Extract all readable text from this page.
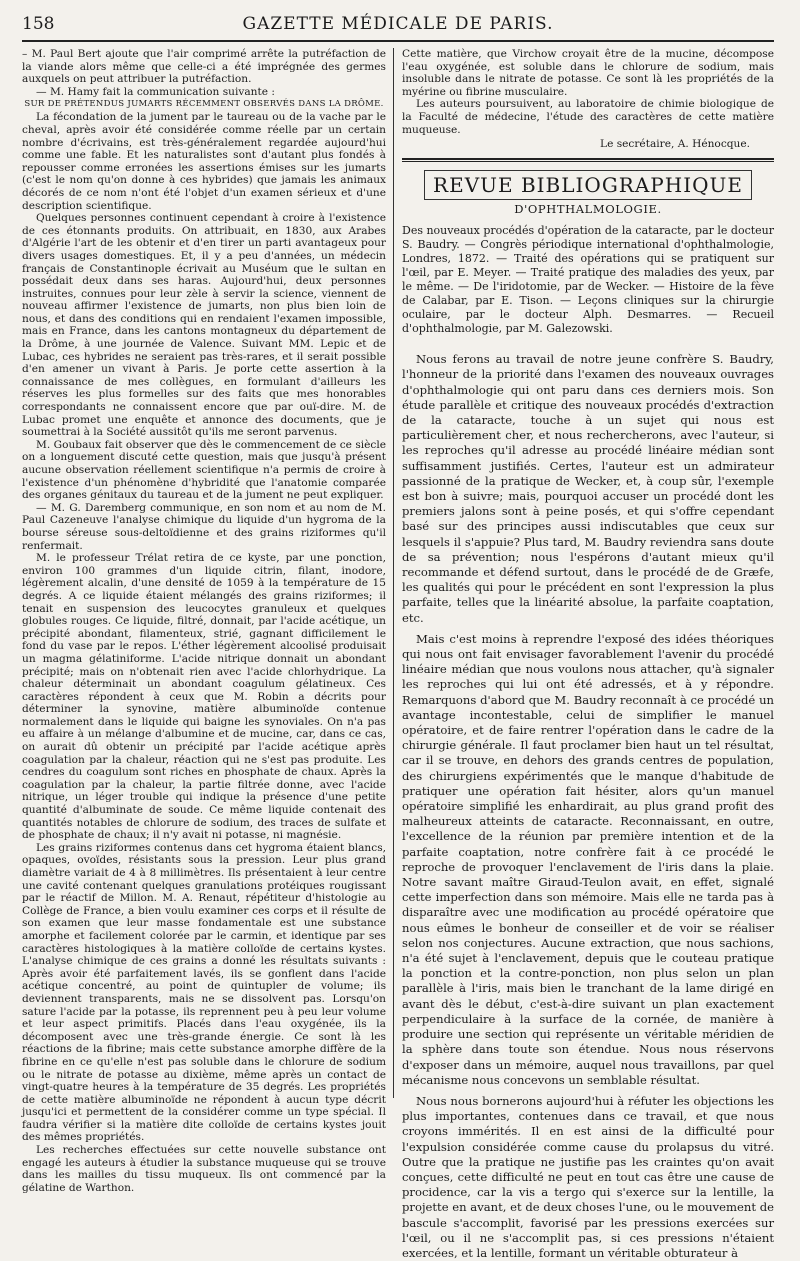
158	GAZETTE MÉDICALE DE PARIS.

– M. Paul Bert ajoute que l'air comprimé arrête la putréfaction de la viande alors même que celle-ci a été imprégnée des germes auxquels on peut attribuer la putréfaction.

— M. Hamy fait la communication suivante :

SUR DE PRÉTENDUS JUMARTS RÉCEMMENT OBSERVÉS DANS LA DRÔME.

La fécondation de la jument par le taureau ou de la vache par le cheval, après avoir été considérée comme réelle par un certain nombre d'écrivains, est très-généralement regardée aujourd'hui comme une fable. Et les naturalistes sont d'autant plus fondés à repousser comme erronées les assertions émises sur les jumarts (c'est le nom qu'on donne à ces hybrides) que jamais les animaux décorés de ce nom n'ont été l'objet d'un examen sérieux et d'une description scientifique.

Quelques personnes continuent cependant à croire à l'existence de ces étonnants produits. On attribuait, en 1830, aux Arabes d'Algérie l'art de les obtenir et d'en tirer un parti avantageux pour divers usages domestiques. Et, il y a peu d'années, un médecin français de Constantinople écrivait au Muséum que le sultan en possédait deux dans ses haras. Aujourd'hui, deux personnes instruites, connues pour leur zèle à servir la science, viennent de nouveau affirmer l'existence de jumarts, non plus bien loin de nous, et dans des conditions qui en rendaient l'examen impossible, mais en France, dans les cantons montagneux du département de la Drôme, à une journée de Valence. Suivant MM. Lepic et de Lubac, ces hybrides ne seraient pas très-rares, et il serait possible d'en amener un vivant à Paris. Je porte cette assertion à la connaissance de mes collègues, en formulant d'ailleurs les réserves les plus formelles sur des faits que mes honorables correspondants ne connaissent encore que par ouï-dire. M. de Lubac promet une enquête et annonce des documents, que je soumettrai à la Société aussitôt qu'ils me seront parvenus.

M. Goubaux fait observer que dès le commencement de ce siècle on a longuement discuté cette question, mais que jusqu'à présent aucune observation réellement scientifique n'a permis de croire à l'existence d'un phénomène d'hybridité que l'anatomie comparée des organes génitaux du taureau et de la jument ne peut expliquer.

— M. G. Daremberg communique, en son nom et au nom de M. Paul Cazeneuve l'analyse chimique du liquide d'un hygroma de la bourse séreuse sous-deltoïdienne et des grains riziformes qu'il renfermait.

M. le professeur Trélat retira de ce kyste, par une ponction, environ 100 grammes d'un liquide citrin, filant, inodore, légèrement alcalin, d'une densité de 1059 à la température de 15 degrés. A ce liquide étaient mélangés des grains riziformes; il tenait en suspension des leucocytes granuleux et quelques globules rouges. Ce liquide, filtré, donnait, par l'acide acétique, un précipité abondant, filamenteux, strié, gagnant difficilement le fond du vase par le repos. L'éther légèrement alcoolisé produisait un magma gélatiniforme. L'acide nitrique donnait un abondant précipité; mais on n'obtenait rien avec l'acide chlorhydrique. La chaleur déterminait un abondant coagulum gélatineux. Ces caractères répondent à ceux que M. Robin a décrits pour déterminer la synovine, matière albuminoïde contenue normalement dans le liquide qui baigne les synoviales. On n'a pas eu affaire à un mélange d'albumine et de mucine, car, dans ce cas, on aurait dû obtenir un précipité par l'acide acétique après coagulation par la chaleur, réaction qui ne s'est pas produite. Les cendres du coagulum sont riches en phosphate de chaux. Après la coagulation par la chaleur, la partie filtrée donne, avec l'acide nitrique, un léger trouble qui indique la présence d'une petite quantité d'albuminate de soude. Ce même liquide contenait des quantités notables de chlorure de sodium, des traces de sulfate et de phosphate de chaux; il n'y avait ni potasse, ni magnésie.

Les grains riziformes contenus dans cet hygroma étaient blancs, opaques, ovoïdes, résistants sous la pression. Leur plus grand diamètre variait de 4 à 8 millimètres. Ils présentaient à leur centre une cavité contenant quelques granulations protéiques rougissant par le réactif de Millon. M. A. Renaut, répétiteur d'histologie au Collège de France, a bien voulu examiner ces corps et il résulte de son examen que leur masse fondamentale est une substance amorphe et facilement colorée par le carmin, et identique par ses caractères histologiques à la matière colloïde de certains kystes. L'analyse chimique de ces grains a donné les résultats suivants : Après avoir été parfaitement lavés, ils se gonflent dans l'acide acétique concentré, au point de quintupler de volume; ils deviennent transparents, mais ne se dissolvent pas. Lorsqu'on sature l'acide par la potasse, ils reprennent peu à peu leur volume et leur aspect primitifs. Placés dans l'eau oxygénée, ils la décomposent avec une très-grande énergie. Ce sont là les réactions de la fibrine; mais cette substance amorphe diffère de la fibrine en ce qu'elle n'est pas soluble dans le chlorure de sodium ou le nitrate de potasse au dixième, même après un contact de vingt-quatre heures à la température de 35 degrés. Les propriétés de cette matière albuminoïde ne répondent à aucun type décrit jusqu'ici et permettent de la considérer comme un type spécial. Il faudra vérifier si la matière dite colloïde de certains kystes jouit des mêmes propriétés.

Les recherches effectuées sur cette nouvelle substance ont engagé les auteurs à étudier la substance muqueuse qui se trouve dans les mailles du tissu muqueux. Ils ont commencé par la gélatine de Warthon.

Cette matière, que Virchow croyait être de la mucine, décompose l'eau oxygénée, est soluble dans le chlorure de sodium, mais insoluble dans le nitrate de potasse. Ce sont là les propriétés de la myérine ou fibrine musculaire.

Les auteurs poursuivent, au laboratoire de chimie biologique de la Faculté de médecine, l'étude des caractères de cette matière muqueuse.

Le secrétaire, A. Hénocque.
REVUE BIBLIOGRAPHIQUE
D'OPHTHALMOLOGIE.
Des nouveaux procédés d'opération de la cataracte, par le docteur S. Baudry. — Congrès périodique international d'ophthalmologie, Londres, 1872. — Traité des opérations qui se pratiquent sur l'œil, par E. Meyer. — Traité pratique des maladies des yeux, par le même. — De l'iridotomie, par de Wecker. — Histoire de la fève de Calabar, par E. Tison. — Leçons cliniques sur la chirurgie oculaire, par le docteur Alph. Desmarres. — Recueil d'ophthalmologie, par M. Galezowski.

Nous ferons au travail de notre jeune confrère S. Baudry, l'honneur de la priorité dans l'examen des nouveaux ouvrages d'ophthalmologie qui ont paru dans ces derniers mois. Son étude parallèle et critique des nouveaux procédés d'extraction de la cataracte, touche à un sujet qui nous est particulièrement cher, et nous rechercherons, avec l'auteur, si les reproches qu'il adresse au procédé linéaire médian sont suffisamment justifiés. Certes, l'auteur est un admirateur passionné de la pratique de Wecker, et, à coup sûr, l'exemple est bon à suivre; mais, pourquoi accuser un procédé dont les premiers jalons sont à peine posés, et qui s'offre cependant basé sur des principes aussi indiscutables que ceux sur lesquels il s'appuie? Plus tard, M. Baudry reviendra sans doute de sa prévention; nous l'espérons d'autant mieux qu'il recommande et défend surtout, dans le procédé de de Græfe, les qualités qui pour le précédent en sont l'expression la plus parfaite, telles que la linéarité absolue, la parfaite coaptation, etc.

Mais c'est moins à reprendre l'exposé des idées théoriques qui nous ont fait envisager favorablement l'avenir du procédé linéaire médian que nous voulons nous attacher, qu'à signaler les reproches qui lui ont été adressés, et à y répondre. Remarquons d'abord que M. Baudry reconnaît à ce procédé un avantage incontestable, celui de simplifier le manuel opératoire, et de faire rentrer l'opération dans le cadre de la chirurgie générale. Il faut proclamer bien haut un tel résultat, car il se trouve, en dehors des grands centres de population, des chirurgiens expérimentés que le manque d'habitude de pratiquer une opération fait hésiter, alors qu'un manuel opératoire simplifié les enhardirait, au plus grand profit des malheureux atteints de cataracte. Reconnaissant, en outre, l'excellence de la réunion par première intention et de la parfaite coaptation, notre confrère fait à ce procédé le reproche de provoquer l'enclavement de l'iris dans la plaie. Notre savant maître Giraud-Teulon avait, en effet, signalé cette imperfection dans son mémoire. Mais elle ne tarda pas à disparaître avec une modification au procédé opératoire que nous eûmes le bonheur de conseiller et de voir se réaliser selon nos conjectures. Aucune extraction, que nous sachions, n'a été sujet à l'enclavement, depuis que le couteau pratique la ponction et la contre-ponction, non plus selon un plan parallèle à l'iris, mais bien le tranchant de la lame dirigé en avant dès le début, c'est-à-dire suivant un plan exactement perpendiculaire à la surface de la cornée, de manière à produire une section qui représente un véritable méridien de la sphère dans toute son étendue. Nous nous réservons d'exposer dans un mémoire, auquel nous travaillons, par quel mécanisme nous concevons un semblable résultat.

Nous nous bornerons aujourd'hui à réfuter les objections les plus importantes, contenues dans ce travail, et que nous croyons immérités. Il en est ainsi de la difficulté pour l'expulsion considérée comme cause du prolapsus du vitré. Outre que la pratique ne justifie pas les craintes qu'on avait conçues, cette difficulté ne peut en tout cas être une cause de procidence, car la vis a tergo qui s'exerce sur la lentille, la projette en avant, et de deux choses l'une, ou le mouvement de bascule s'accomplit, favorisé par les pressions exercées sur l'œil, ou il ne s'accomplit pas, si ces pressions n'étaient exercées, et la lentille, formant un véritable obturateur à
